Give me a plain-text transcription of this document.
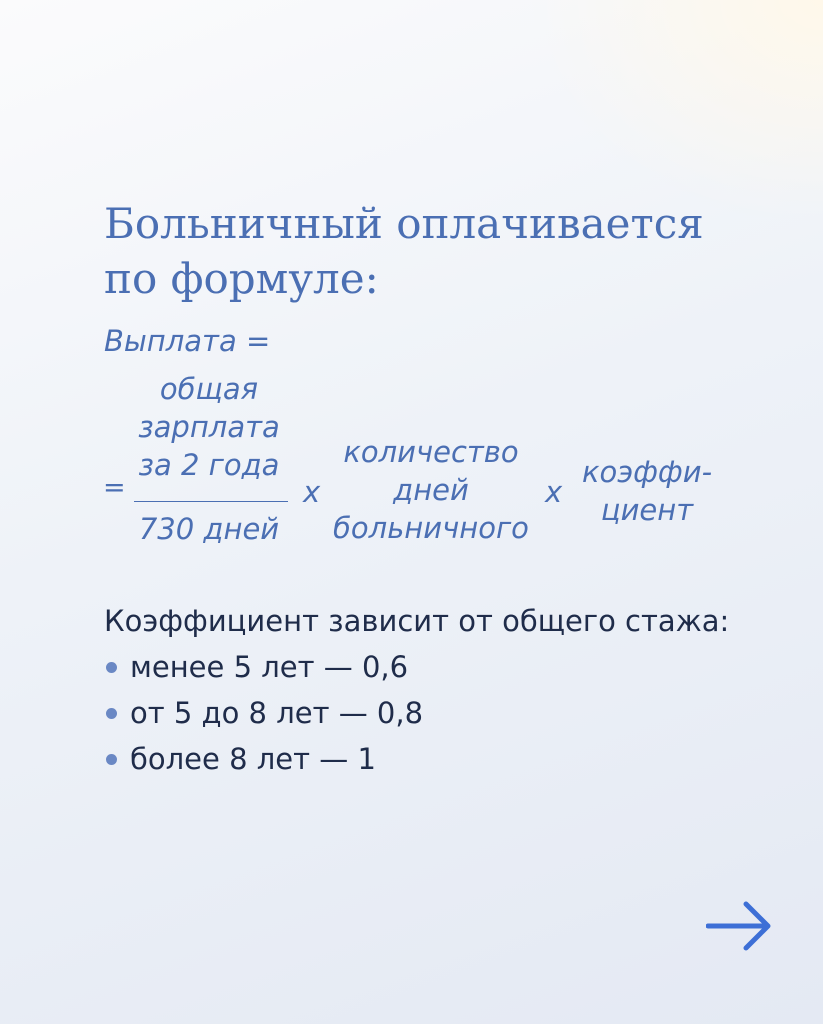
Больничный оплачивается
по формуле:
Выплата =
общая
зарплата
за 2 года
=
730 дней
х
количество
дней
больничного
х
коэффи-
циент
Коэффициент зависит от общего стажа:
менее 5 лет — 0,6
от 5 до 8 лет — 0,8
более 8 лет — 1
